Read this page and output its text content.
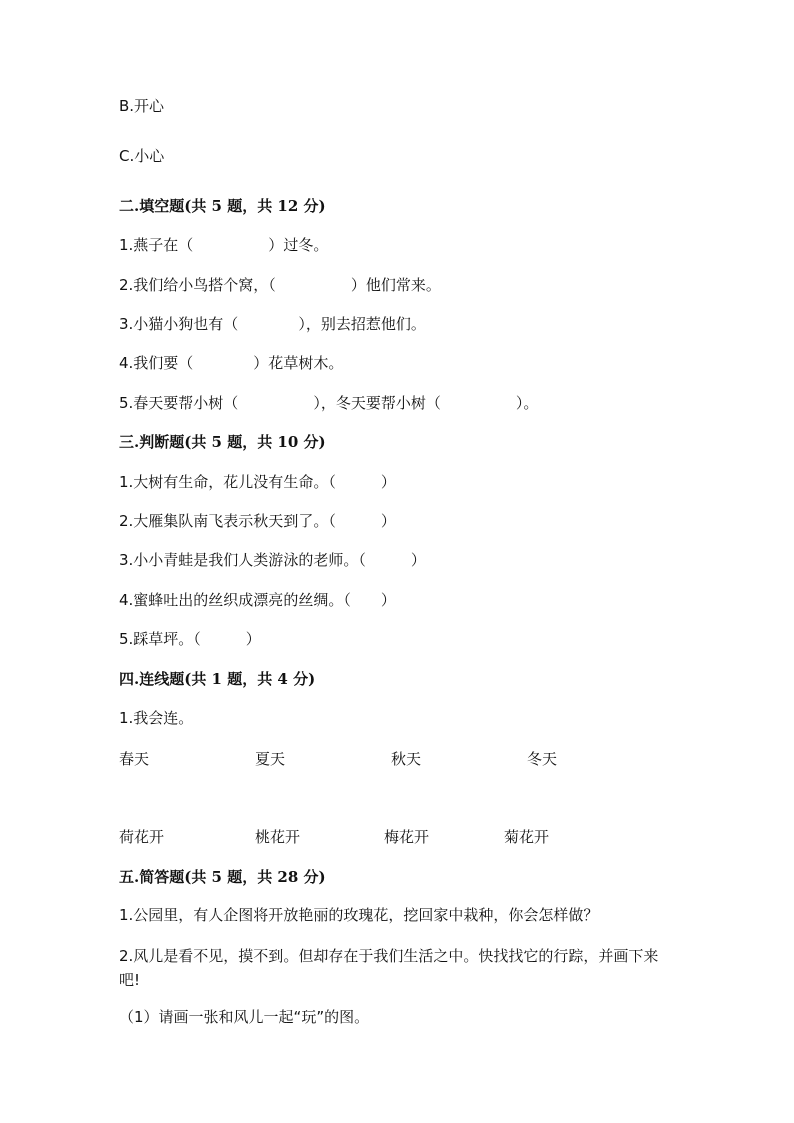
B.开心
C.小心
二.填空题(共 5 题，共 12 分)
1.燕子在（　　　　　）过冬。
2.我们给小鸟搭个窝，（　　　　　）他们常来。
3.小猫小狗也有（　　　　），别去招惹他们。
4.我们要（　　　　）花草树木。
5.春天要帮小树（　　　　　），冬天要帮小树（　　　　　）。
三.判断题(共 5 题，共 10 分)
1.大树有生命，花儿没有生命。（　　　）
2.大雁集队南飞表示秋天到了。（　　　）
3.小小青蛙是我们人类游泳的老师。（　　　）
4.蜜蜂吐出的丝织成漂亮的丝绸。（　　）
5.踩草坪。（　　　）
四.连线题(共 1 题，共 4 分)
1.我会连。
春天	夏天	秋天	冬天
荷花开	桃花开	梅花开	菊花开
五.简答题(共 5 题，共 28 分)
1.公园里，有人企图将开放艳丽的玫瑰花，挖回家中栽种，你会怎样做？
2.风儿是看不见，摸不到。但却存在于我们生活之中。快找找它的行踪，并画下来吧!
（1）请画一张和风儿一起“玩”的图。
